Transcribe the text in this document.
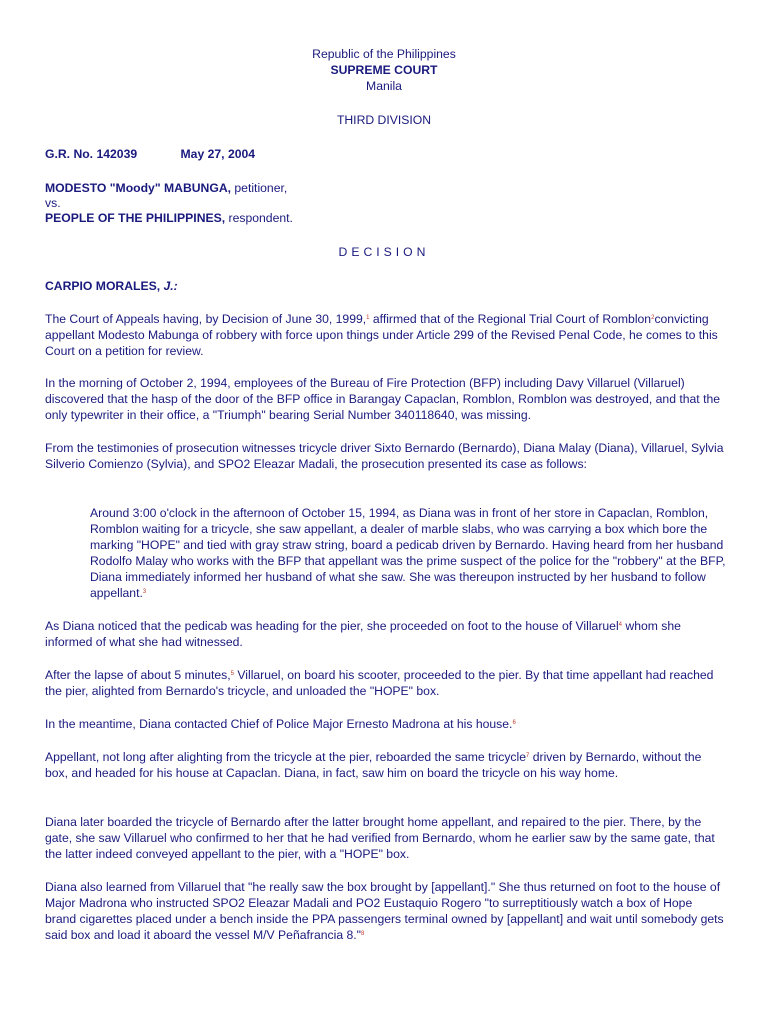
Republic of the Philippines
SUPREME COURT
Manila
THIRD DIVISION
G.R. No. 142039	May 27, 2004
MODESTO "Moody" MABUNGA, petitioner,
vs.
PEOPLE OF THE PHILIPPINES, respondent.
DECISION
CARPIO MORALES, J.:
The Court of Appeals having, by Decision of June 30, 1999,$^1$ affirmed that of the Regional Trial Court of Romblon$^2$convicting appellant Modesto Mabunga of robbery with force upon things under Article 299 of the Revised Penal Code, he comes to this Court on a petition for review.
In the morning of October 2, 1994, employees of the Bureau of Fire Protection (BFP) including Davy Villaruel (Villaruel) discovered that the hasp of the door of the BFP office in Barangay Capaclan, Romblon, Romblon was destroyed, and that the only typewriter in their office, a "Triumph" bearing Serial Number 340118640, was missing.
From the testimonies of prosecution witnesses tricycle driver Sixto Bernardo (Bernardo), Diana Malay (Diana), Villaruel, Sylvia Silverio Comienzo (Sylvia), and SPO2 Eleazar Madali, the prosecution presented its case as follows:
Around 3:00 o'clock in the afternoon of October 15, 1994, as Diana was in front of her store in Capaclan, Romblon, Romblon waiting for a tricycle, she saw appellant, a dealer of marble slabs, who was carrying a box which bore the marking "HOPE" and tied with gray straw string, board a pedicab driven by Bernardo. Having heard from her husband Rodolfo Malay who works with the BFP that appellant was the prime suspect of the police for the "robbery" at the BFP, Diana immediately informed her husband of what she saw. She was thereupon instructed by her husband to follow appellant.$^3$
As Diana noticed that the pedicab was heading for the pier, she proceeded on foot to the house of Villaruel$^4$ whom she informed of what she had witnessed.
After the lapse of about 5 minutes,$^5$ Villaruel, on board his scooter, proceeded to the pier. By that time appellant had reached the pier, alighted from Bernardo's tricycle, and unloaded the "HOPE" box.
In the meantime, Diana contacted Chief of Police Major Ernesto Madrona at his house.$^6$
Appellant, not long after alighting from the tricycle at the pier, reboarded the same tricycle$^7$ driven by Bernardo, without the box, and headed for his house at Capaclan. Diana, in fact, saw him on board the tricycle on his way home.
Diana later boarded the tricycle of Bernardo after the latter brought home appellant, and repaired to the pier. There, by the gate, she saw Villaruel who confirmed to her that he had verified from Bernardo, whom he earlier saw by the same gate, that the latter indeed conveyed appellant to the pier, with a "HOPE" box.
Diana also learned from Villaruel that "he really saw the box brought by [appellant]." She thus returned on foot to the house of Major Madrona who instructed SPO2 Eleazar Madali and PO2 Eustaquio Rogero "to surreptitiously watch a box of Hope brand cigarettes placed under a bench inside the PPA passengers terminal owned by [appellant] and wait until somebody gets said box and load it aboard the vessel M/V Peñafrancia 8."$^8$
